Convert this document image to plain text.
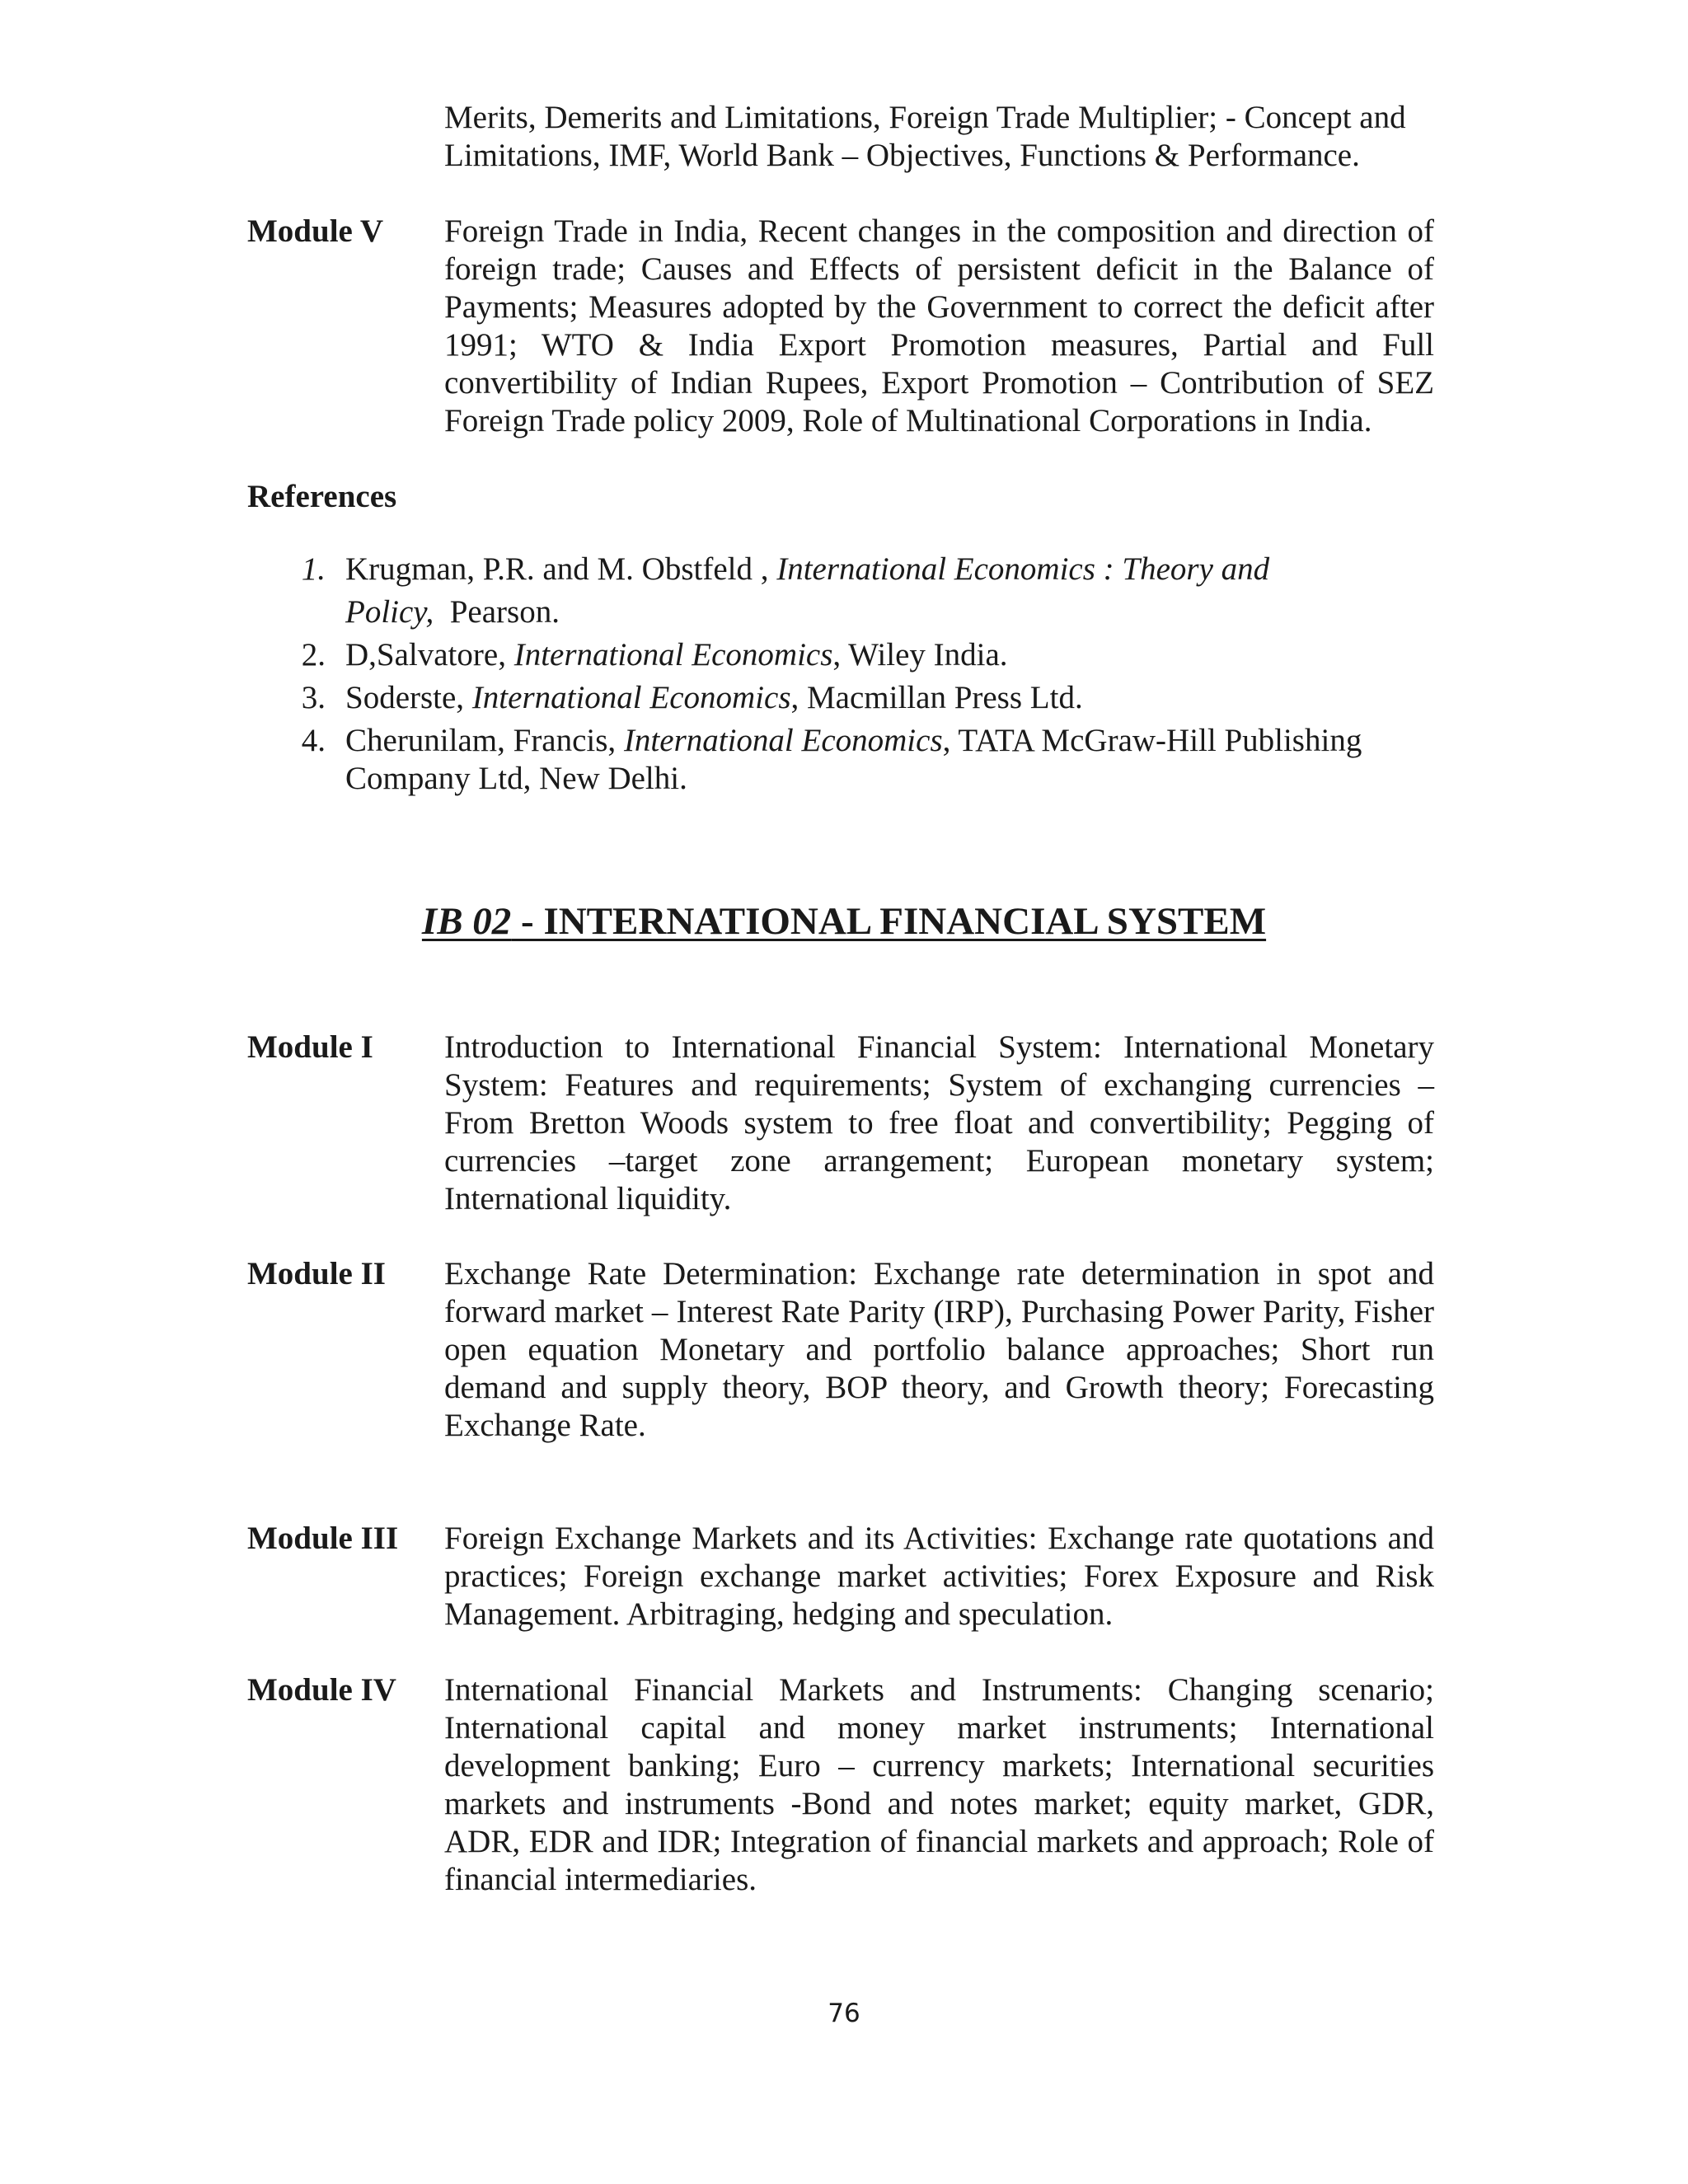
Merits, Demerits and Limitations, Foreign Trade Multiplier; - Concept and Limitations, IMF, World Bank – Objectives, Functions & Performance.
Module V Foreign Trade in India, Recent changes in the composition and direction of foreign trade; Causes and Effects of persistent deficit in the Balance of Payments; Measures adopted by the Government to correct the deficit after 1991; WTO & India Export Promotion measures, Partial and Full convertibility of Indian Rupees, Export Promotion – Contribution of SEZ Foreign Trade policy 2009, Role of Multinational Corporations in India.
References
1. Krugman, P.R. and M. Obstfeld , International Economics : Theory and
Policy,  Pearson.
2. D,Salvatore, International Economics, Wiley India.
3. Soderste, International Economics, Macmillan Press Ltd.
4. Cherunilam, Francis, International Economics, TATA McGraw-Hill Publishing Company Ltd, New Delhi.
IB 02 - INTERNATIONAL FINANCIAL SYSTEM
Module I Introduction to International Financial System: International Monetary System: Features and requirements; System of exchanging currencies – From Bretton Woods system to free float and convertibility; Pegging of currencies –target zone arrangement; European monetary system; International liquidity.
Module II Exchange Rate Determination: Exchange rate determination in spot and forward market – Interest Rate Parity (IRP), Purchasing Power Parity, Fisher open equation Monetary and portfolio balance approaches; Short run demand and supply theory, BOP theory, and Growth theory; Forecasting Exchange Rate.
Module III Foreign Exchange Markets and its Activities: Exchange rate quotations and practices; Foreign exchange market activities; Forex Exposure and Risk Management. Arbitraging, hedging and speculation.
Module IV International Financial Markets and Instruments: Changing scenario; International capital and money market instruments; International development banking; Euro – currency markets; International securities markets and instruments -Bond and notes market; equity market, GDR, ADR, EDR and IDR; Integration of financial markets and approach; Role of financial intermediaries.
76
